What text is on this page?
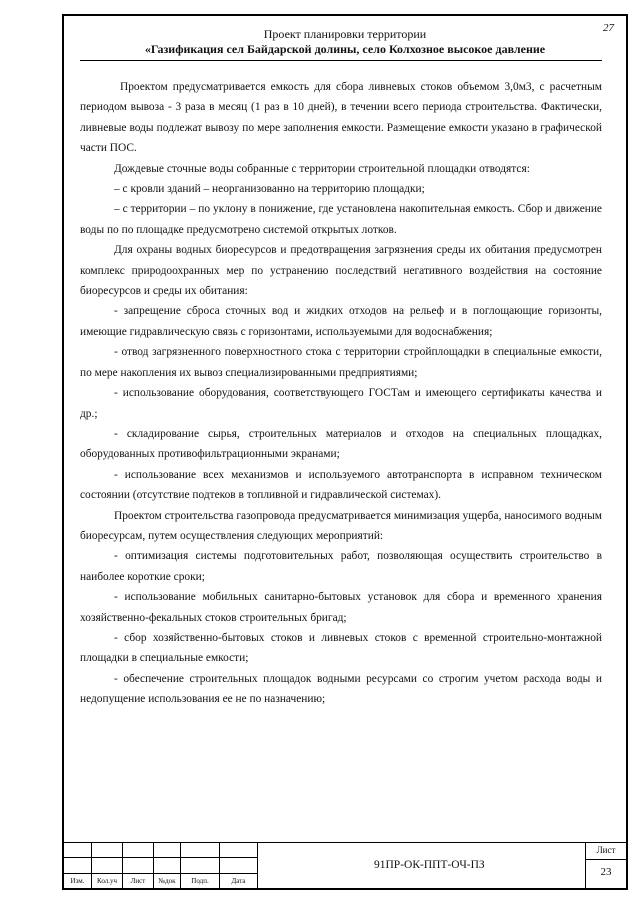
27
Проект планировки территории
«Газификация сел Байдарской долины, село Колхозное высокое давление

Проектом предусматривается емкость для сбора ливневых стоков объемом 3,0м3, с расчетным периодом вывоза - 3 раза в месяц (1 раз в 10 дней), в течении всего периода строительства. Фактически, ливневые воды подлежат вывозу по мере заполнения емкости. Размещение емкости указано в графической части ПОС.

Дождевые сточные воды собранные с территории строительной площадки отводятся:

– с кровли зданий – неорганизованно на территорию площадки;

– с территории – по уклону в понижение, где установлена накопительная емкость. Сбор и движение воды по по площадке предусмотрено системой открытых лотков.

Для охраны водных биоресурсов и предотвращения загрязнения среды их обитания предусмотрен комплекс природоохранных мер по устранению последствий негативного воздействия на состояние биоресурсов и среды их обитания:

- запрещение сброса сточных вод и жидких отходов на рельеф и в поглощающие горизонты, имеющие гидравлическую связь с горизонтами, используемыми для водоснабжения;

- отвод загрязненного поверхностного стока с территории стройплощадки в специальные емкости, по мере накопления их вывоз специализированными предприятиями;

- использование оборудования, соответствующего ГОСТам и имеющего сертификаты качества и др.;

- складирование сырья, строительных материалов и отходов на специальных площадках, оборудованных противофильтрационными экранами;

- использование всех механизмов и используемого автотранспорта в исправном техническом состоянии (отсутствие подтеков в топливной и гидравлической системах).

Проектом строительства газопровода предусматривается минимизация ущерба, наносимого водным биоресурсам, путем осуществления следующих мероприятий:

- оптимизация системы подготовительных работ, позволяющая осуществить строительство в наиболее короткие сроки;

- использование мобильных санитарно-бытовых установок для сбора и временного хранения хозяйственно-фекальных стоков строительных бригад;

- сбор хозяйственно-бытовых стоков и ливневых стоков с временной строительно-монтажной площадки в специальные емкости;

- обеспечение строительных площадок водными ресурсами со строгим учетом расхода воды и недопущение использования ее не по назначению;

Изм.	Кол.уч	Лист	№док	Подп.	Дата
91ПР-ОК-ППТ-ОЧ-ПЗ
Лист
23
